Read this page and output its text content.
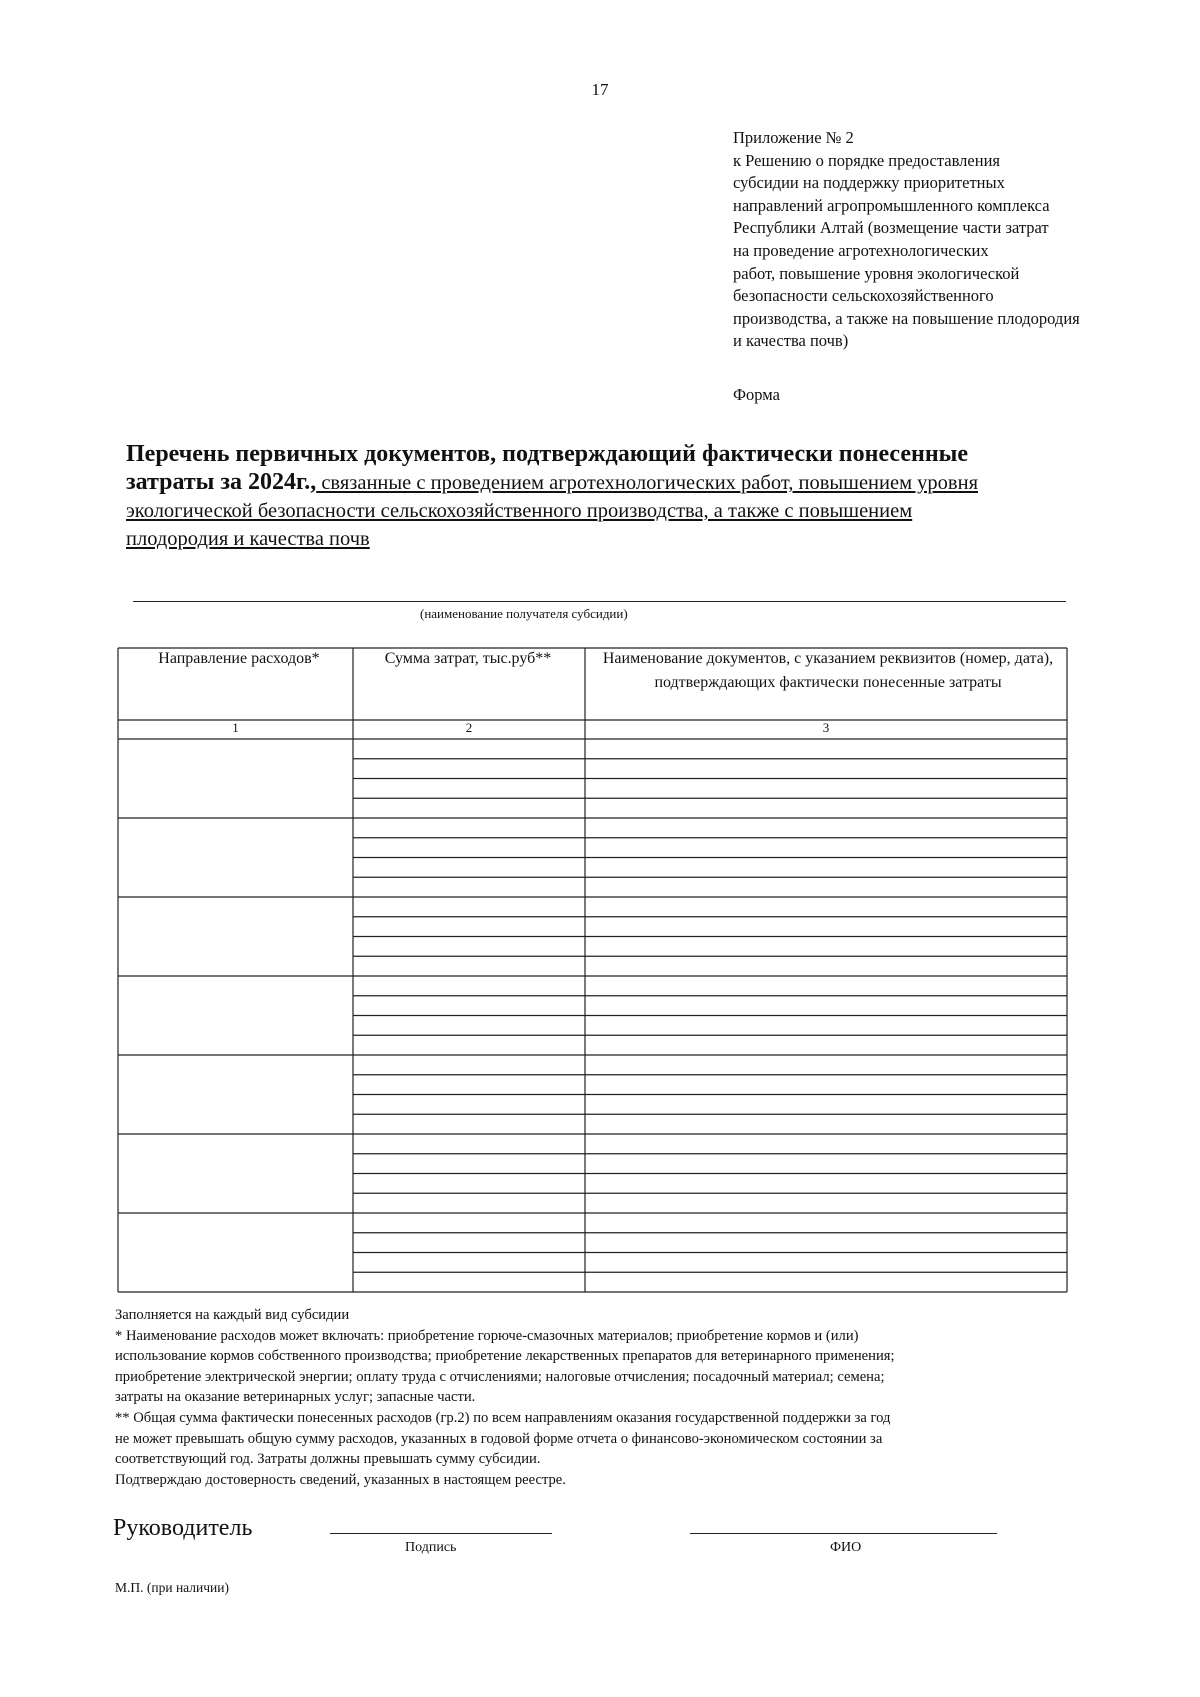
17
Приложение № 2
к Решению о порядке предоставления
субсидии на поддержку приоритетных
направлений агропромышленного комплекса
Республики Алтай (возмещение части затрат
на проведение агротехнологических
работ, повышение уровня экологической
безопасности сельскохозяйственного
производства, а также на повышение плодородия
и качества почв)
Форма
Перечень первичных документов, подтверждающий фактически понесенные
затраты за 2024г., связанные с проведением агротехнологических работ, повышением уровня
экологической безопасности сельскохозяйственного производства, а также с повышением
плодородия и качества почв
(наименование получателя субсидии)
Направление расходов*	Сумма затрат, тыс.руб**	Наименование документов, с указанием реквизитов (номер, дата), подтверждающих фактически понесенные затраты
1	2	3
Заполняется на каждый вид субсидии
* Наименование расходов может включать: приобретение горюче-смазочных материалов; приобретение кормов и (или)
использование кормов собственного производства; приобретение лекарственных препаратов для ветеринарного применения;
приобретение электрической энергии; оплату труда с отчислениями; налоговые отчисления; посадочный материал; семена;
затраты на оказание ветеринарных услуг; запасные части.
** Общая сумма фактически понесенных расходов (гр.2) по всем направлениям оказания государственной поддержки за год
не может превышать общую сумму расходов, указанных в годовой форме отчета о финансово-экономическом состоянии за
соответствующий год. Затраты должны превышать сумму субсидии.
Подтверждаю достоверность сведений, указанных в настоящем реестре.
Руководитель
Подпись	ФИО
М.П. (при наличии)
